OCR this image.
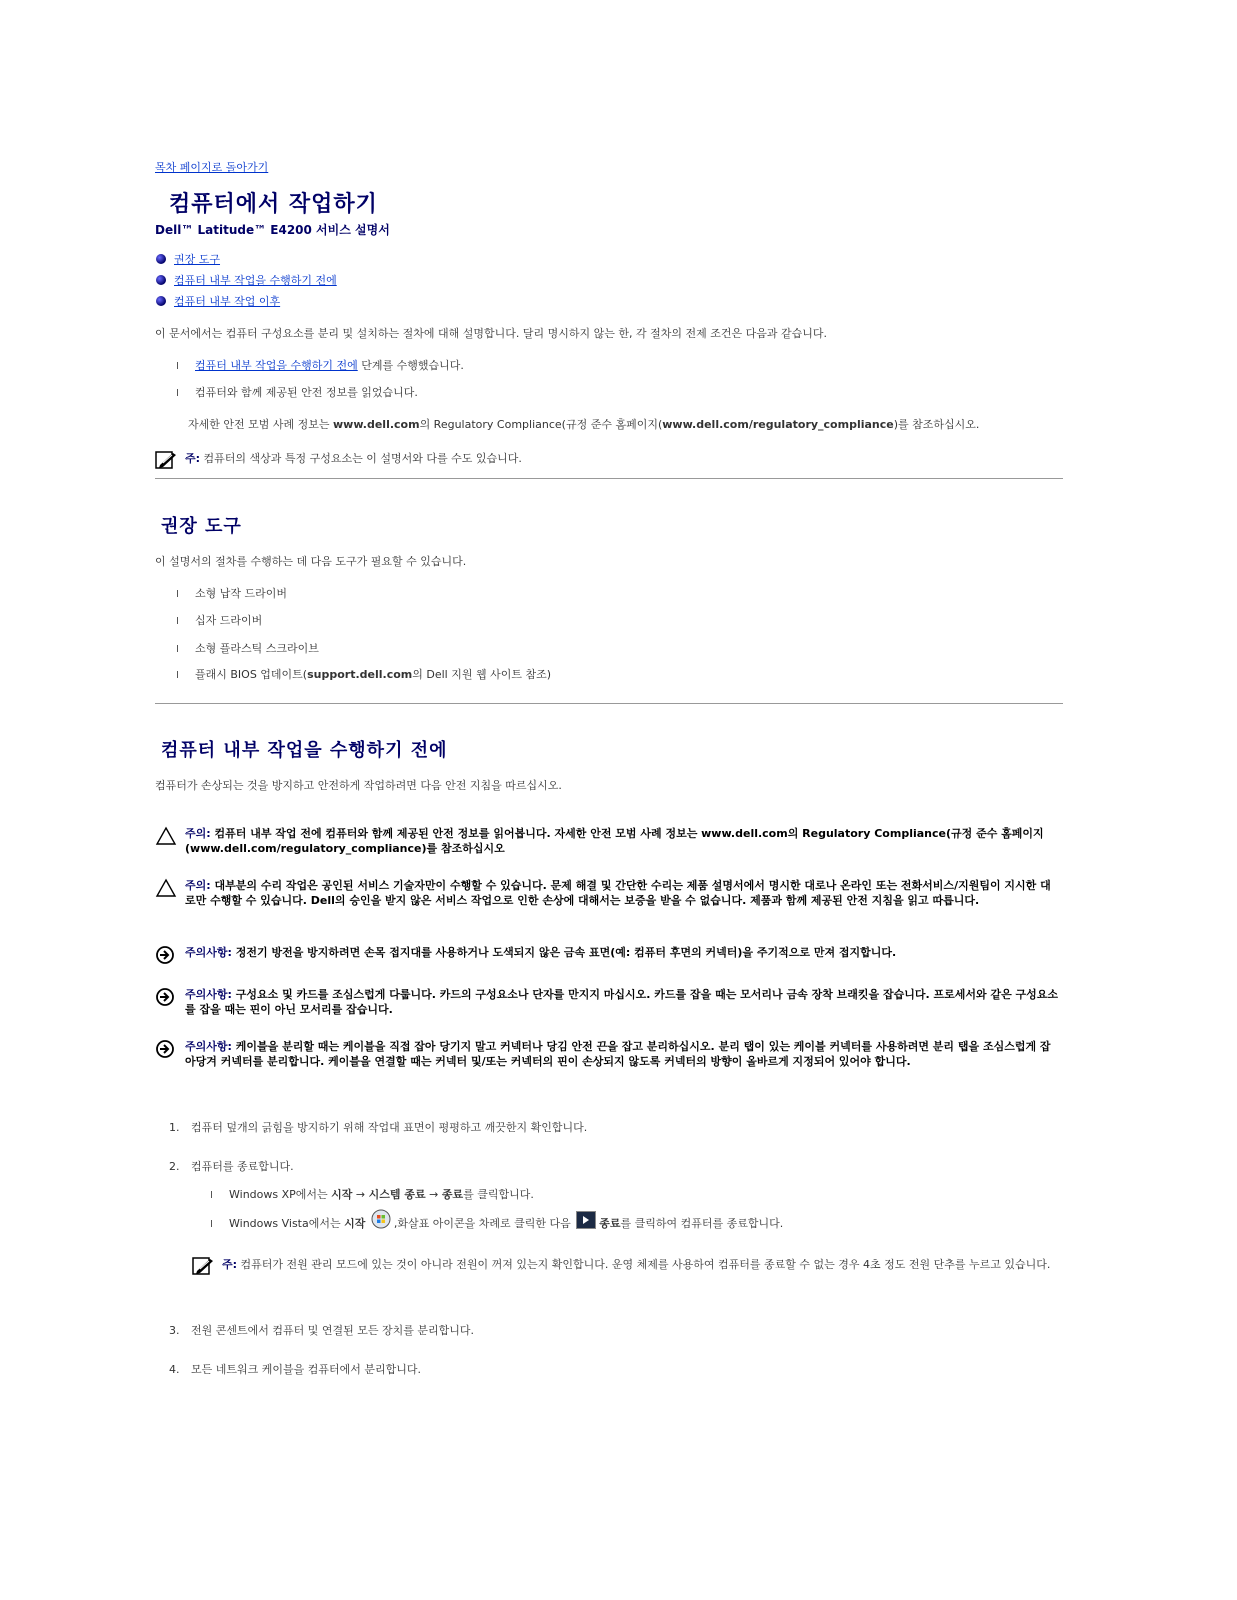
목차 페이지로 돌아가기
컴퓨터에서 작업하기

Dell™ Latitude™ E4200 서비스 설명서

권장 도구
컴퓨터 내부 작업을 수행하기 전에
컴퓨터 내부 작업 이후

이 문서에서는 컴퓨터 구성요소를 분리 및 설치하는 절차에 대해 설명합니다. 달리 명시하지 않는 한, 각 절차의 전제 조건은 다음과 같습니다.

컴퓨터 내부 작업을 수행하기 전에 단계를 수행했습니다.

컴퓨터와 함께 제공된 안전 정보를 읽었습니다.

자세한 안전 모범 사례 정보는 www.dell.com의 Regulatory Compliance(규정 준수 홈페이지(www.dell.com/regulatory_compliance)를 참조하십시오.

주: 컴퓨터의 색상과 특정 구성요소는 이 설명서와 다를 수도 있습니다.
권장 도구

이 설명서의 절차를 수행하는 데 다음 도구가 필요할 수 있습니다.

소형 납작 드라이버

십자 드라이버

소형 플라스틱 스크라이브

플래시 BIOS 업데이트(support.dell.com의 Dell 지원 웹 사이트 참조)

컴퓨터 내부 작업을 수행하기 전에

컴퓨터가 손상되는 것을 방지하고 안전하게 작업하려면 다음 안전 지침을 따르십시오.

주의: 컴퓨터 내부 작업 전에 컴퓨터와 함께 제공된 안전 정보를 읽어봅니다. 자세한 안전 모범 사례 정보는 www.dell.com의 Regulatory Compliance(규정 준수 홈페이지(www.dell.com/regulatory_compliance)를 참조하십시오
주의: 대부분의 수리 작업은 공인된 서비스 기술자만이 수행할 수 있습니다. 문제 해결 및 간단한 수리는 제품 설명서에서 명시한 대로나 온라인 또는 전화서비스/지원팀이 지시한 대로만 수행할 수 있습니다. Dell의 승인을 받지 않은 서비스 작업으로 인한 손상에 대해서는 보증을 받을 수 없습니다. 제품과 함께 제공된 안전 지침을 읽고 따릅니다.
주의사항: 정전기 방전을 방지하려면 손목 접지대를 사용하거나 도색되지 않은 금속 표면(예: 컴퓨터 후면의 커넥터)을 주기적으로 만져 접지합니다.
주의사항: 구성요소 및 카드를 조심스럽게 다룹니다. 카드의 구성요소나 단자를 만지지 마십시오. 카드를 잡을 때는 모서리나 금속 장착 브래킷을 잡습니다. 프로세서와 같은 구성요소를 잡을 때는 핀이 아닌 모서리를 잡습니다.
주의사항: 케이블을 분리할 때는 케이블을 직접 잡아 당기지 말고 커넥터나 당김 안전 끈을 잡고 분리하십시오. 분리 탭이 있는 케이블 커넥터를 사용하려면 분리 탭을 조심스럽게 잡아당겨 커넥터를 분리합니다. 케이블을 연결할 때는 커넥터 및/또는 커넥터의 핀이 손상되지 않도록 커넥터의 방향이 올바르게 지정되어 있어야 합니다.

1. 컴퓨터 덮개의 긁힘을 방지하기 위해 작업대 표면이 평평하고 깨끗한지 확인합니다.

2. 컴퓨터를 종료합니다.

Windows XP에서는 시작 → 시스템 종료 → 종료를 클릭합니다.

Windows Vista에서는 시작	,화살표 아이콘을 차례로 클릭한 다음 종료를 클릭하여 컴퓨터를 종료합니다.

주: 컴퓨터가 전원 관리 모드에 있는 것이 아니라 전원이 꺼져 있는지 확인합니다. 운영 체제를 사용하여 컴퓨터를 종료할 수 없는 경우 4초 정도 전원 단추를 누르고 있습니다.

3. 전원 콘센트에서 컴퓨터 및 연결된 모든 장치를 분리합니다.

4. 모든 네트워크 케이블을 컴퓨터에서 분리합니다.
